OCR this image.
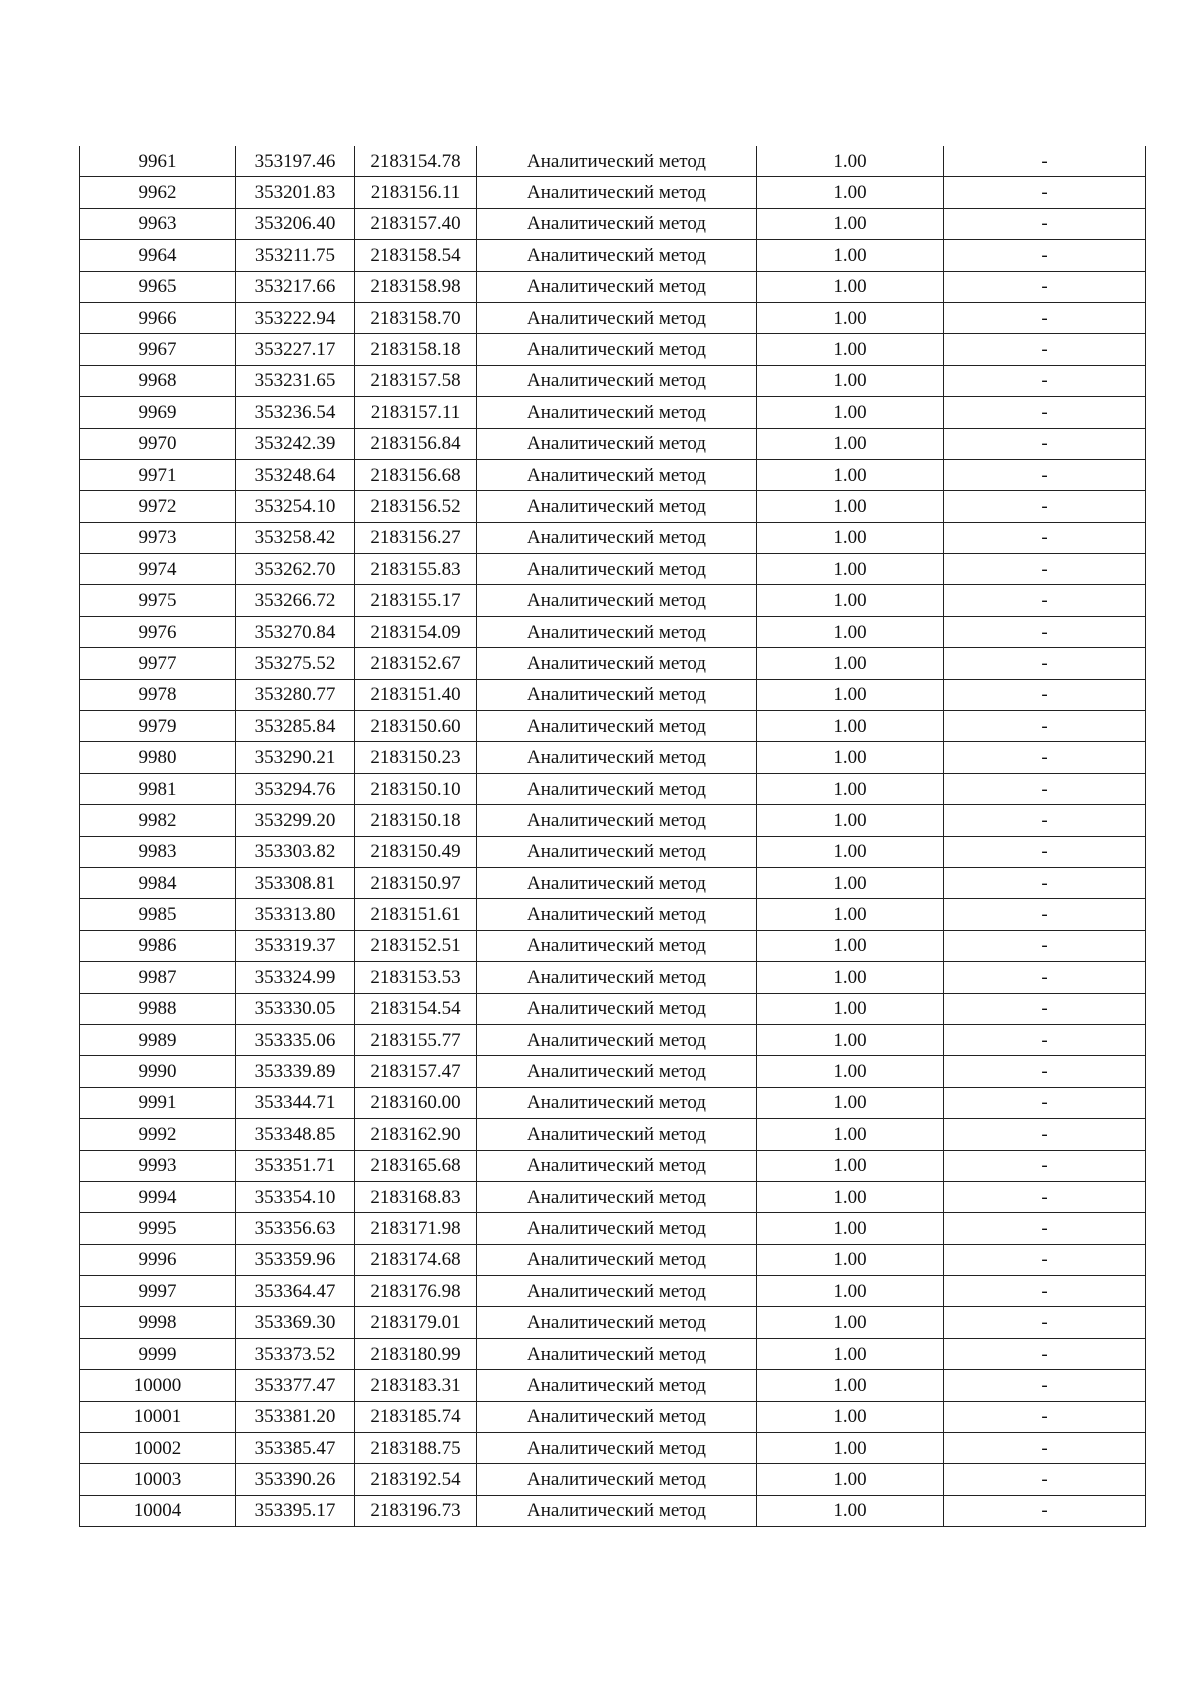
9961	353197.46	2183154.78	Аналитический метод	1.00	-
9962	353201.83	2183156.11	Аналитический метод	1.00	-
9963	353206.40	2183157.40	Аналитический метод	1.00	-
9964	353211.75	2183158.54	Аналитический метод	1.00	-
9965	353217.66	2183158.98	Аналитический метод	1.00	-
9966	353222.94	2183158.70	Аналитический метод	1.00	-
9967	353227.17	2183158.18	Аналитический метод	1.00	-
9968	353231.65	2183157.58	Аналитический метод	1.00	-
9969	353236.54	2183157.11	Аналитический метод	1.00	-
9970	353242.39	2183156.84	Аналитический метод	1.00	-
9971	353248.64	2183156.68	Аналитический метод	1.00	-
9972	353254.10	2183156.52	Аналитический метод	1.00	-
9973	353258.42	2183156.27	Аналитический метод	1.00	-
9974	353262.70	2183155.83	Аналитический метод	1.00	-
9975	353266.72	2183155.17	Аналитический метод	1.00	-
9976	353270.84	2183154.09	Аналитический метод	1.00	-
9977	353275.52	2183152.67	Аналитический метод	1.00	-
9978	353280.77	2183151.40	Аналитический метод	1.00	-
9979	353285.84	2183150.60	Аналитический метод	1.00	-
9980	353290.21	2183150.23	Аналитический метод	1.00	-
9981	353294.76	2183150.10	Аналитический метод	1.00	-
9982	353299.20	2183150.18	Аналитический метод	1.00	-
9983	353303.82	2183150.49	Аналитический метод	1.00	-
9984	353308.81	2183150.97	Аналитический метод	1.00	-
9985	353313.80	2183151.61	Аналитический метод	1.00	-
9986	353319.37	2183152.51	Аналитический метод	1.00	-
9987	353324.99	2183153.53	Аналитический метод	1.00	-
9988	353330.05	2183154.54	Аналитический метод	1.00	-
9989	353335.06	2183155.77	Аналитический метод	1.00	-
9990	353339.89	2183157.47	Аналитический метод	1.00	-
9991	353344.71	2183160.00	Аналитический метод	1.00	-
9992	353348.85	2183162.90	Аналитический метод	1.00	-
9993	353351.71	2183165.68	Аналитический метод	1.00	-
9994	353354.10	2183168.83	Аналитический метод	1.00	-
9995	353356.63	2183171.98	Аналитический метод	1.00	-
9996	353359.96	2183174.68	Аналитический метод	1.00	-
9997	353364.47	2183176.98	Аналитический метод	1.00	-
9998	353369.30	2183179.01	Аналитический метод	1.00	-
9999	353373.52	2183180.99	Аналитический метод	1.00	-
10000	353377.47	2183183.31	Аналитический метод	1.00	-
10001	353381.20	2183185.74	Аналитический метод	1.00	-
10002	353385.47	2183188.75	Аналитический метод	1.00	-
10003	353390.26	2183192.54	Аналитический метод	1.00	-
10004	353395.17	2183196.73	Аналитический метод	1.00	-
